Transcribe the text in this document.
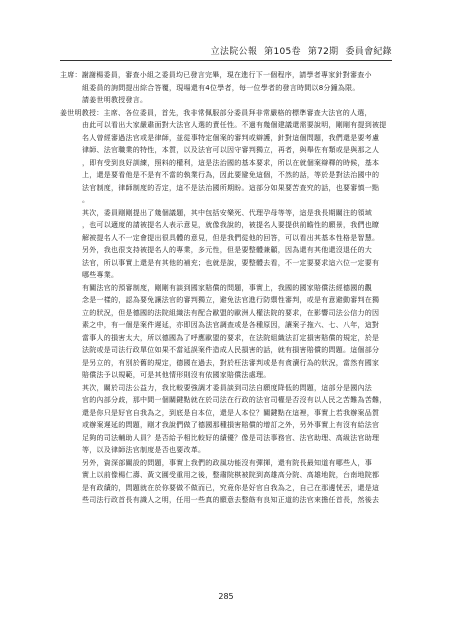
立法院公報 第105卷 第72期 委員會紀錄
主席：謝謝楊委員，審查小組之委員均已發言完畢，現在進行下一個程序，請學者專家針對審查小
組委員的詢問提出綜合答覆，現場還有4位學者，每一位學者的發言時間以8分鐘為限。
請姜世明教授發言。
姜世明教授：主席、各位委員，首先，我非常佩服部分委員拜非常嚴格的標準審查大法官的人選，
由此可以看出大家嚴肅面對大法官人選的責任性。不過有幾個建議還需要說明，剛剛有提到被提
名人曾經審過法官或是律師，並從事特定個案的審判或辯護，針對這個問題，我們還是要考慮
律師、法官職業的特性，本質，以及法官可以因守審判獨立，再者，與舉佐有類或是與那之人
，即有受到良好訓練，照料的權利，這是法治國的基本要求，所以在就個案辯釋的時候，基本
上，還是要看他是不是有不當的執業行為，因此要避免這個，不然的話，等於是對法治國中的
法官制度，律師制度的否定，這不是法治國所期盼。這部分如果要苦查究的話，也要審慎一點
。
其次，委員剛剛提出了幾個議題，其中包括安樂死、代理孕母等等，這是我長期關注的領域
，也可以適度的請被提名人表示意見，就像我說的，被提名人要提供前瞻性的願景，我們也瞭
解被提名人不一定會提出很具體的意見，但是我們從他的回答，可以看出其基本性格是智慧。
另外，我也很支持被提名人的專業，多元性，但是要整體兼顧，因為還有其他還沒退任的大
法官，所以事實上還是有其他的補充；也就是說，要整體去看，不一定要要求這六位一定要有
哪些專業。
有關法官的預審制度，剛剛有談到國家賠償的問題，事實上，我國的國家賠償法經德國的觀
念是一樣的，認為要免讓法官的審判獨立，避免法官進行防禦性審判，或是有意避動審判在獨
立的狀況，但是德國的法院組織法有配合歐盟的歐洲人權法院的要求，在影響司法公信力的因
素之中，有一個是案件遲延，亦即因為法官調查或是各種原因，讓案子拖六、七、八年，這對
當事人的損害太大，所以德國為了呼應歐盟的要求，在法院組織法訂定損害賠償的規定，於是
法院或是司法行政單位如果不當延誤案件造成人民損害的話，就有損害賠償的問題。這個部分
是另立的，有別於舊的規定，德國在過去，對於枉法審判或是有貪瀆行為的狀況，當然有國家
賠償法予以規範，可是其他情形則沒有依國家賠償法處理。
其次，關於司法公益力，我比較要強調才委員談到司法自願度降低的問題，這部分是國內法
官的內部分歧，那中間一個關鍵點就在於司法在行政的法官司權是否沒有以人民之苦難為苦難，
還是你只是好官自我為之，到底是自本位，還是人本位？關鍵點在這裡，事實上若我辦案品質
或辦案遲延的問題，剛才我說們做了德國那種損害賠償的增訂之外，另外事實上有沒有給法官
足夠的司法輔助人員？是否給予相比較好的績優？像是司法事務官、法官助理、高級法官助理
等，以及律師法官制度是否也要改革。
另外，資深部關設的問題，事實上我們的政風功能沒有彈揮，還有院長最知道有哪些人，事
實上以前像楊仁壽、黃文圓受重用之後，整肅院棋被院到高雄高分院、高雄地院，台南地院都
是有政績的，問題就在於你要做不做而已，究竟你是好官自我為之，自己在那邊恍丟，還是這
些司法行政首長有識人之明，任用一些真的願意去整飭有良知正道的法官來擔任首長，然後去
285
